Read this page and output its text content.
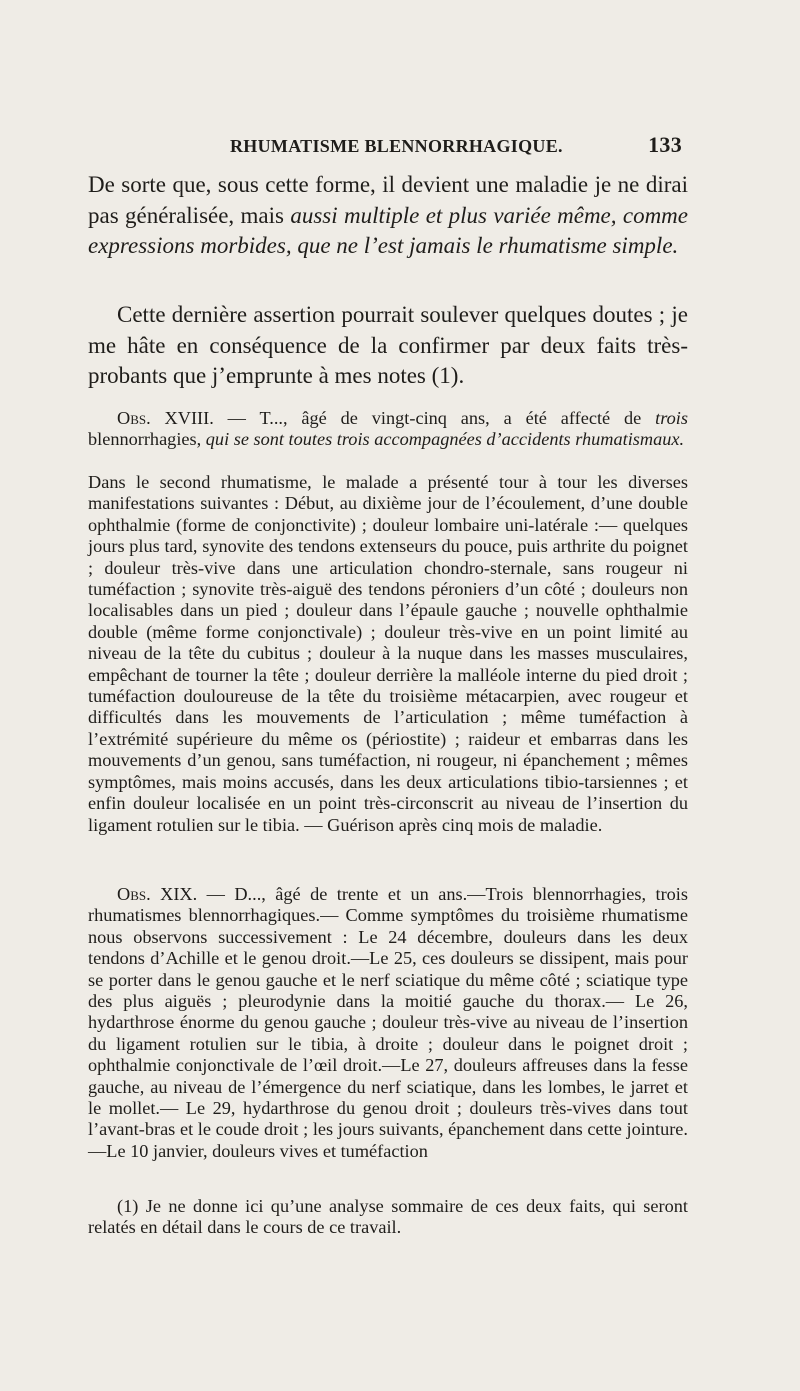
RHUMATISME BLENNORRHAGIQUE.	133
De sorte que, sous cette forme, il devient une maladie je ne dirai pas généralisée, mais aussi multiple et plus variée même, comme expressions morbides, que ne l’est jamais le rhumatisme simple.
Cette dernière assertion pourrait soulever quelques doutes ; je me hâte en conséquence de la confirmer par deux faits très-probants que j’emprunte à mes notes (1).
Obs. XVIII. — T..., âgé de vingt-cinq ans, a été affecté de trois blennorrhagies, qui se sont toutes trois accompagnées d’accidents rhumatismaux.
Dans le second rhumatisme, le malade a présenté tour à tour les diverses manifestations suivantes : Début, au dixième jour de l’écoulement, d’une double ophthalmie (forme de conjonctivite) ; douleur lombaire uni-latérale :— quelques jours plus tard, synovite des tendons extenseurs du pouce, puis arthrite du poignet ; douleur très-vive dans une articulation chondro-sternale, sans rougeur ni tuméfaction ; synovite très-aiguë des tendons péroniers d’un côté ; douleurs non localisables dans un pied ; douleur dans l’épaule gauche ; nouvelle ophthalmie double (même forme conjonctivale) ; douleur très-vive en un point limité au niveau de la tête du cubitus ; douleur à la nuque dans les masses musculaires, empêchant de tourner la tête ; douleur derrière la malléole interne du pied droit ; tuméfaction douloureuse de la tête du troisième métacarpien, avec rougeur et difficultés dans les mouvements de l’articulation ; même tuméfaction à l’extrémité supérieure du même os (périostite) ; raideur et embarras dans les mouvements d’un genou, sans tuméfaction, ni rougeur, ni épanchement ; mêmes symptômes, mais moins accusés, dans les deux articulations tibio-tarsiennes ; et enfin douleur localisée en un point très-circonscrit au niveau de l’insertion du ligament rotulien sur le tibia. — Guérison après cinq mois de maladie.
Obs. XIX. — D..., âgé de trente et un ans.—Trois blennorrhagies, trois rhumatismes blennorrhagiques.— Comme symptômes du troisième rhumatisme nous observons successivement : Le 24 décembre, douleurs dans les deux tendons d’Achille et le genou droit.—Le 25, ces douleurs se dissipent, mais pour se porter dans le genou gauche et le nerf sciatique du même côté ; sciatique type des plus aiguës ; pleurodynie dans la moitié gauche du thorax.— Le 26, hydarthrose énorme du genou gauche ; douleur très-vive au niveau de l’insertion du ligament rotulien sur le tibia, à droite ; douleur dans le poignet droit ; ophthalmie conjonctivale de l’œil droit.—Le 27, douleurs affreuses dans la fesse gauche, au niveau de l’émergence du nerf sciatique, dans les lombes, le jarret et le mollet.— Le 29, hydarthrose du genou droit ; douleurs très-vives dans tout l’avant-bras et le coude droit ; les jours suivants, épanchement dans cette jointure.—Le 10 janvier, douleurs vives et tuméfaction
(1) Je ne donne ici qu’une analyse sommaire de ces deux faits, qui seront relatés en détail dans le cours de ce travail.
